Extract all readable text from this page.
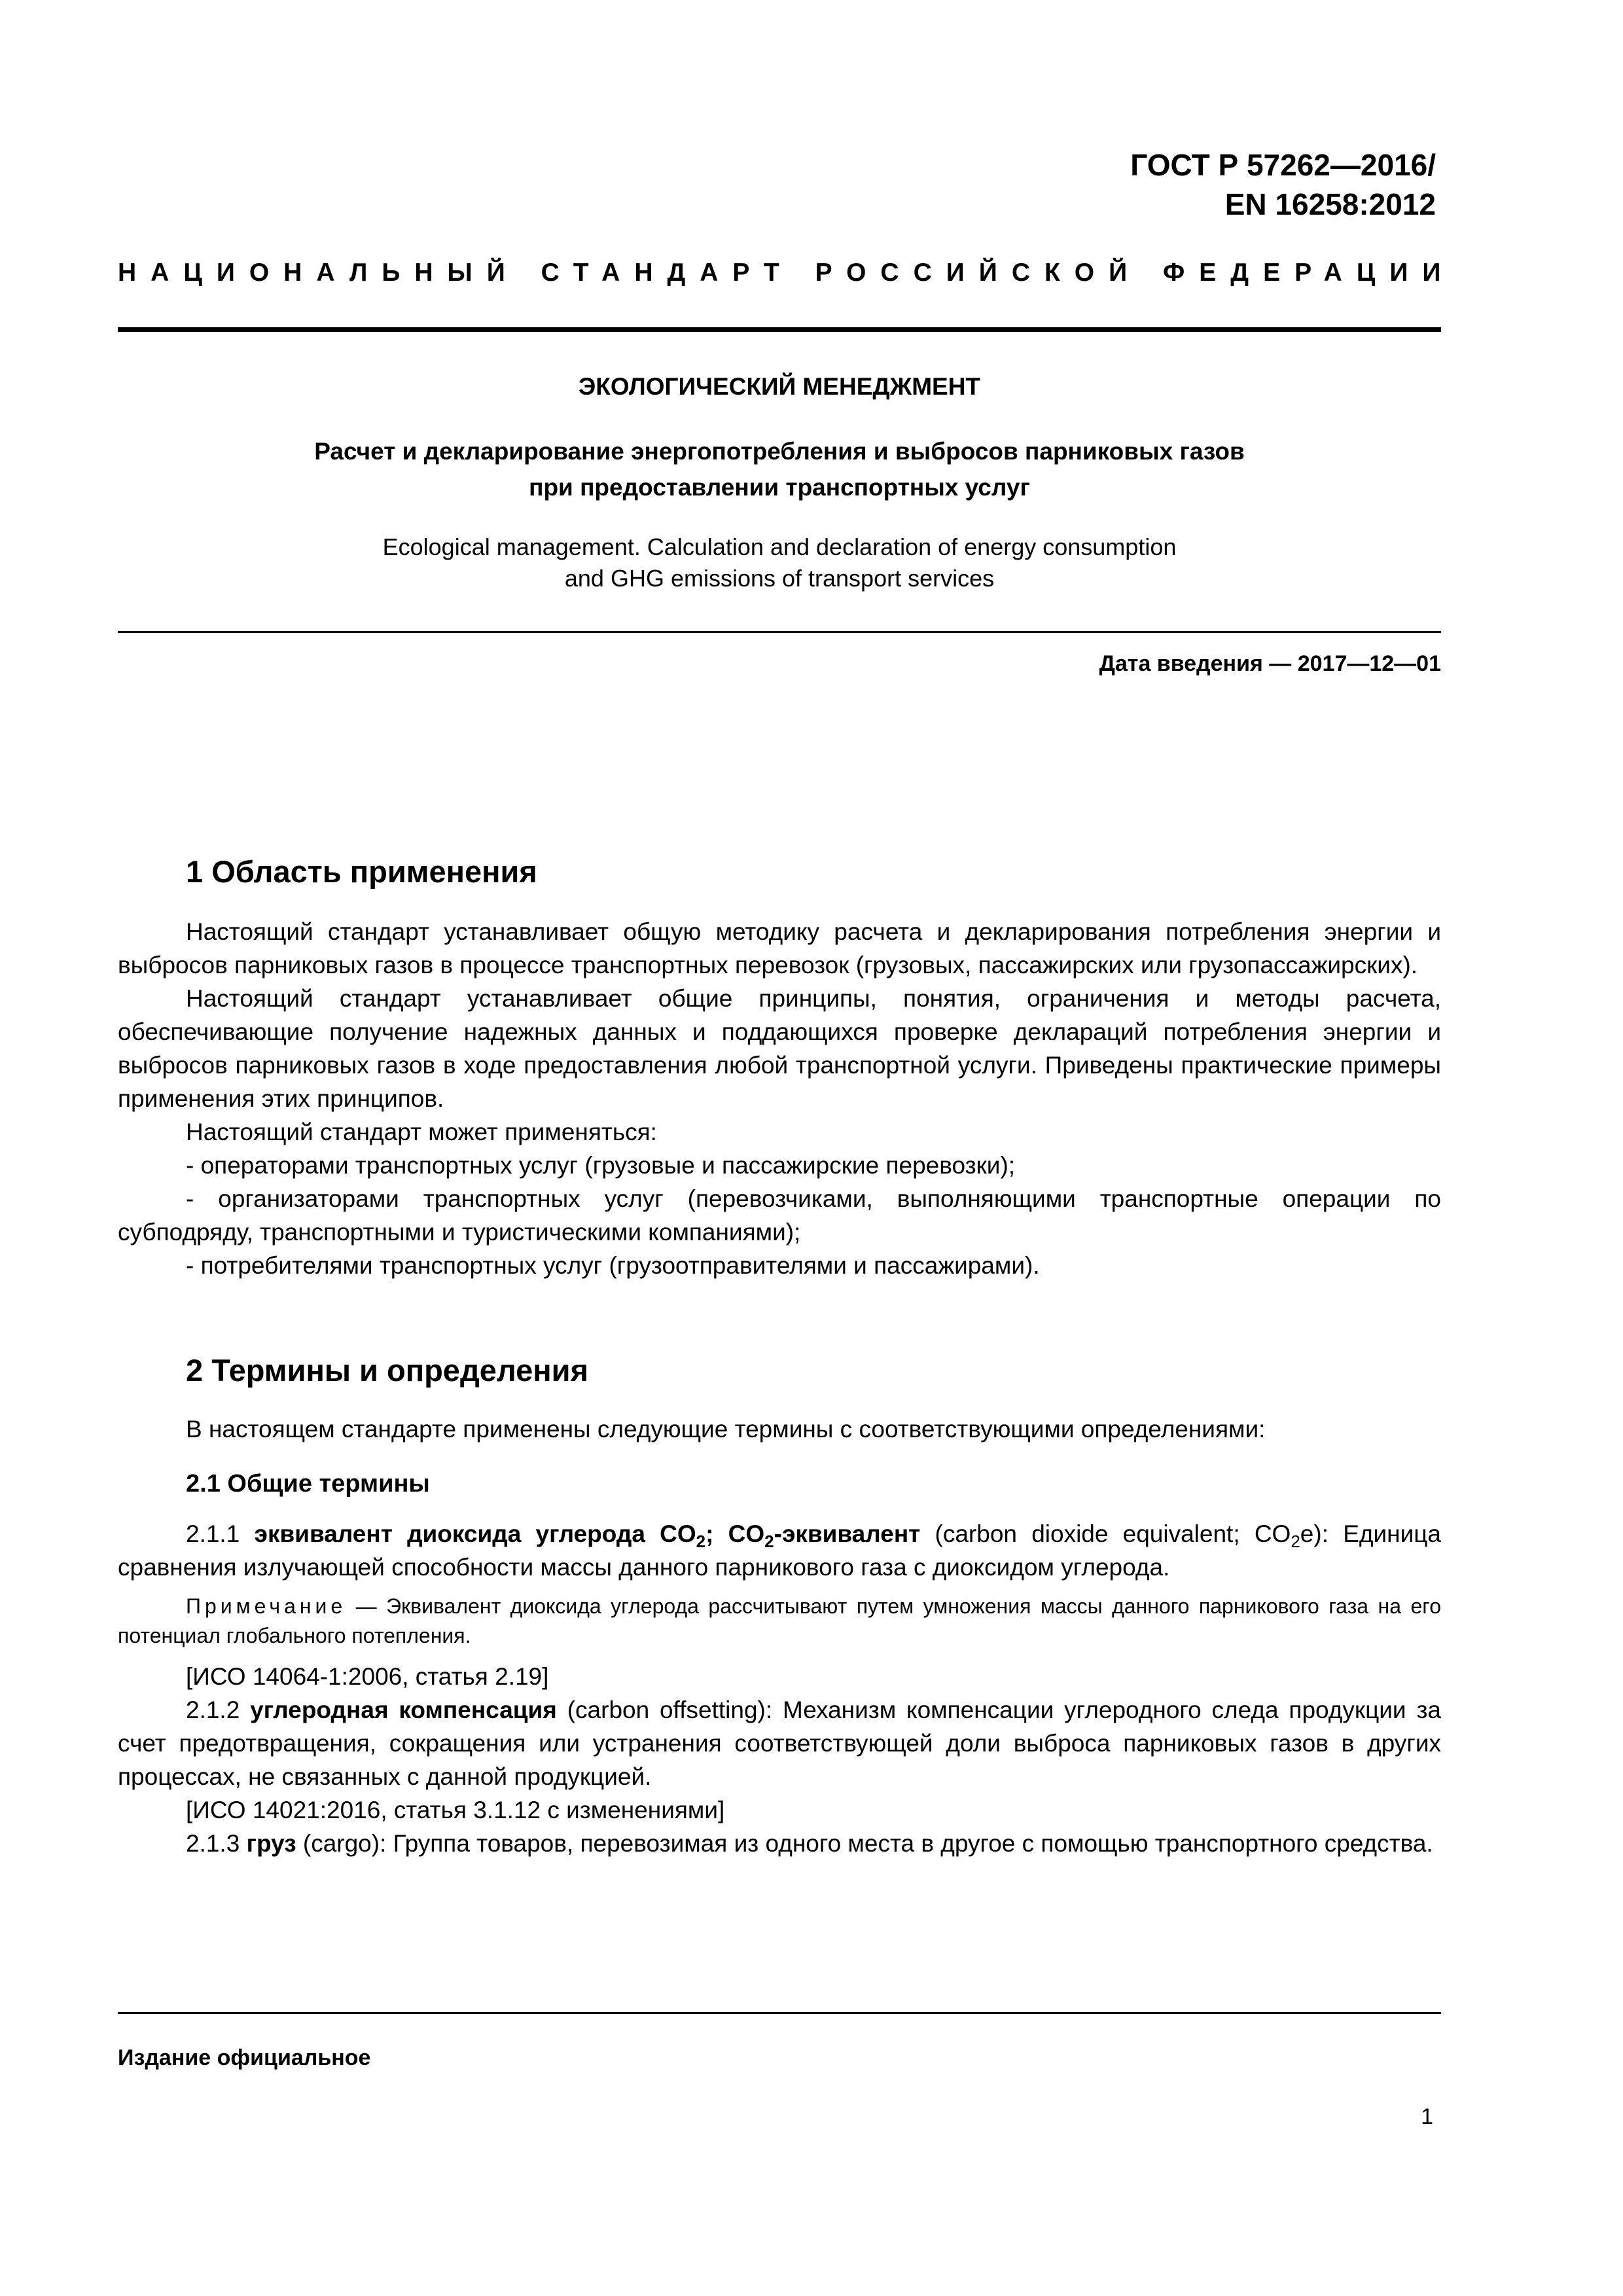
ГОСТ Р 57262—2016/
EN 16258:2012
НАЦИОНАЛЬНЫЙ СТАНДАРТ РОССИЙСКОЙ ФЕДЕРАЦИИ
ЭКОЛОГИЧЕСКИЙ МЕНЕДЖМЕНТ
Расчет и декларирование энергопотребления и выбросов парниковых газов
при предоставлении транспортных услуг
Ecological management. Calculation and declaration of energy consumption
and GHG emissions of transport services
Дата введения — 2017—12—01
1 Область применения

Настоящий стандарт устанавливает общую методику расчета и декларирования потребления энергии и выбросов парниковых газов в процессе транспортных перевозок (грузовых, пассажирских или грузопассажирских).

Настоящий стандарт устанавливает общие принципы, понятия, ограничения и методы расчета, обеспечивающие получение надежных данных и поддающихся проверке деклараций потребления энергии и выбросов парниковых газов в ходе предоставления любой транспортной услуги. Приведены практические примеры применения этих принципов.

Настоящий стандарт может применяться:

- операторами транспортных услуг (грузовые и пассажирские перевозки);

- организаторами транспортных услуг (перевозчиками, выполняющими транспортные операции по субподряду, транспортными и туристическими компаниями);

- потребителями транспортных услуг (грузоотправителями и пассажирами).

2 Термины и определения

В настоящем стандарте применены следующие термины с соответствующими определениями:

2.1 Общие термины

2.1.1 эквивалент диоксида углерода $CO_2$; $CO_2$-эквивалент (carbon dioxide equivalent; $CO_2e$): Единица сравнения излучающей способности массы данного парникового газа с диоксидом углерода.

Примечание — Эквивалент диоксида углерода рассчитывают путем умножения массы данного парникового газа на его потенциал глобального потепления.

[ИСО 14064-1:2006, статья 2.19]

2.1.2 углеродная компенсация (carbon offsetting): Механизм компенсации углеродного следа продукции за счет предотвращения, сокращения или устранения соответствующей доли выброса парниковых газов в других процессах, не связанных с данной продукцией.

[ИСО 14021:2016, статья 3.1.12 с изменениями]

2.1.3 груз (cargo): Группа товаров, перевозимая из одного места в другое с помощью транспортного средства.

Издание официальное
1
